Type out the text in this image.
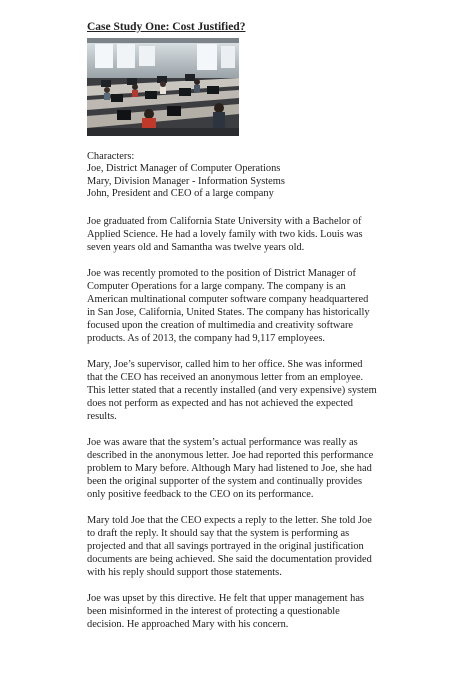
Case Study One: Cost Justified?
Characters:
Joe, District Manager of Computer Operations
Mary, Division Manager - Information Systems
John, President and CEO of a large company

Joe graduated from California State University with a Bachelor of Applied Science. He had a lovely family with two kids. Louis was seven years old and Samantha was twelve years old.

Joe was recently promoted to the position of District Manager of Computer Operations for a large company. The company is an American multinational computer software company headquartered in San Jose, California, United States. The company has historically focused upon the creation of multimedia and creativity software products. As of 2013, the company had 9,117 employees.

Mary, Joe’s supervisor, called him to her office. She was informed that the CEO has received an anonymous letter from an employee. This letter stated that a recently installed (and very expensive) system does not perform as expected and has not achieved the expected results.

Joe was aware that the system’s actual performance was really as described in the anonymous letter. Joe had reported this performance problem to Mary before. Although Mary had listened to Joe, she had been the original supporter of the system and continually provides only positive feedback to the CEO on its performance.

Mary told Joe that the CEO expects a reply to the letter. She told Joe to draft the reply. It should say that the system is performing as projected and that all savings portrayed in the original justification documents are being achieved. She said the documentation provided with his reply should support those statements.

Joe was upset by this directive. He felt that upper management has been misinformed in the interest of protecting a questionable decision. He approached Mary with his concern.
